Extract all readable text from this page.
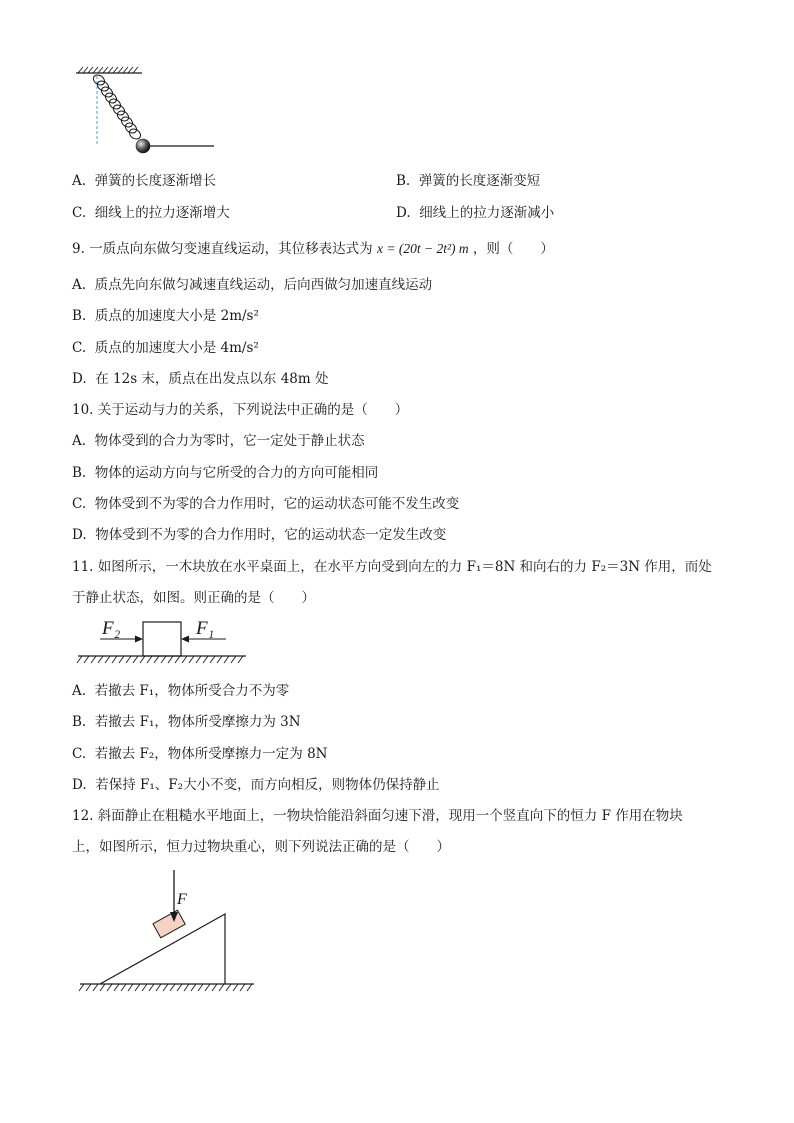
A. 弹簧的长度逐渐增长	B. 弹簧的长度逐渐变短
C. 细线上的拉力逐渐增大	D. 细线上的拉力逐渐减小
9. 一质点向东做匀变速直线运动，其位移表达式为 x = (20t − 2t²) m ，则（　　）
A. 质点先向东做匀减速直线运动，后向西做匀加速直线运动
B. 质点的加速度大小是 2m/s²
C. 质点的加速度大小是 4m/s²
D. 在 12s 末，质点在出发点以东 48m 处
10. 关于运动与力的关系，下列说法中正确的是（　　）
A. 物体受到的合力为零时，它一定处于静止状态
B. 物体的运动方向与它所受的合力的方向可能相同
C. 物体受到不为零的合力作用时，它的运动状态可能不发生改变
D. 物体受到不为零的合力作用时，它的运动状态一定发生改变
11. 如图所示，一木块放在水平桌面上，在水平方向受到向左的力 F₁＝8N 和向右的力 F₂＝3N 作用，而处
于静止状态，如图。则正确的是（　　）
F₂	F₁
A. 若撤去 F₁，物体所受合力不为零
B. 若撤去 F₁，物体所受摩擦力为 3N
C. 若撤去 F₂，物体所受摩擦力一定为 8N
D. 若保持 F₁、F₂大小不变，而方向相反，则物体仍保持静止
12. 斜面静止在粗糙水平地面上，一物块恰能沿斜面匀速下滑，现用一个竖直向下的恒力 F 作用在物块
上，如图所示，恒力过物块重心，则下列说法正确的是（　　）
F
